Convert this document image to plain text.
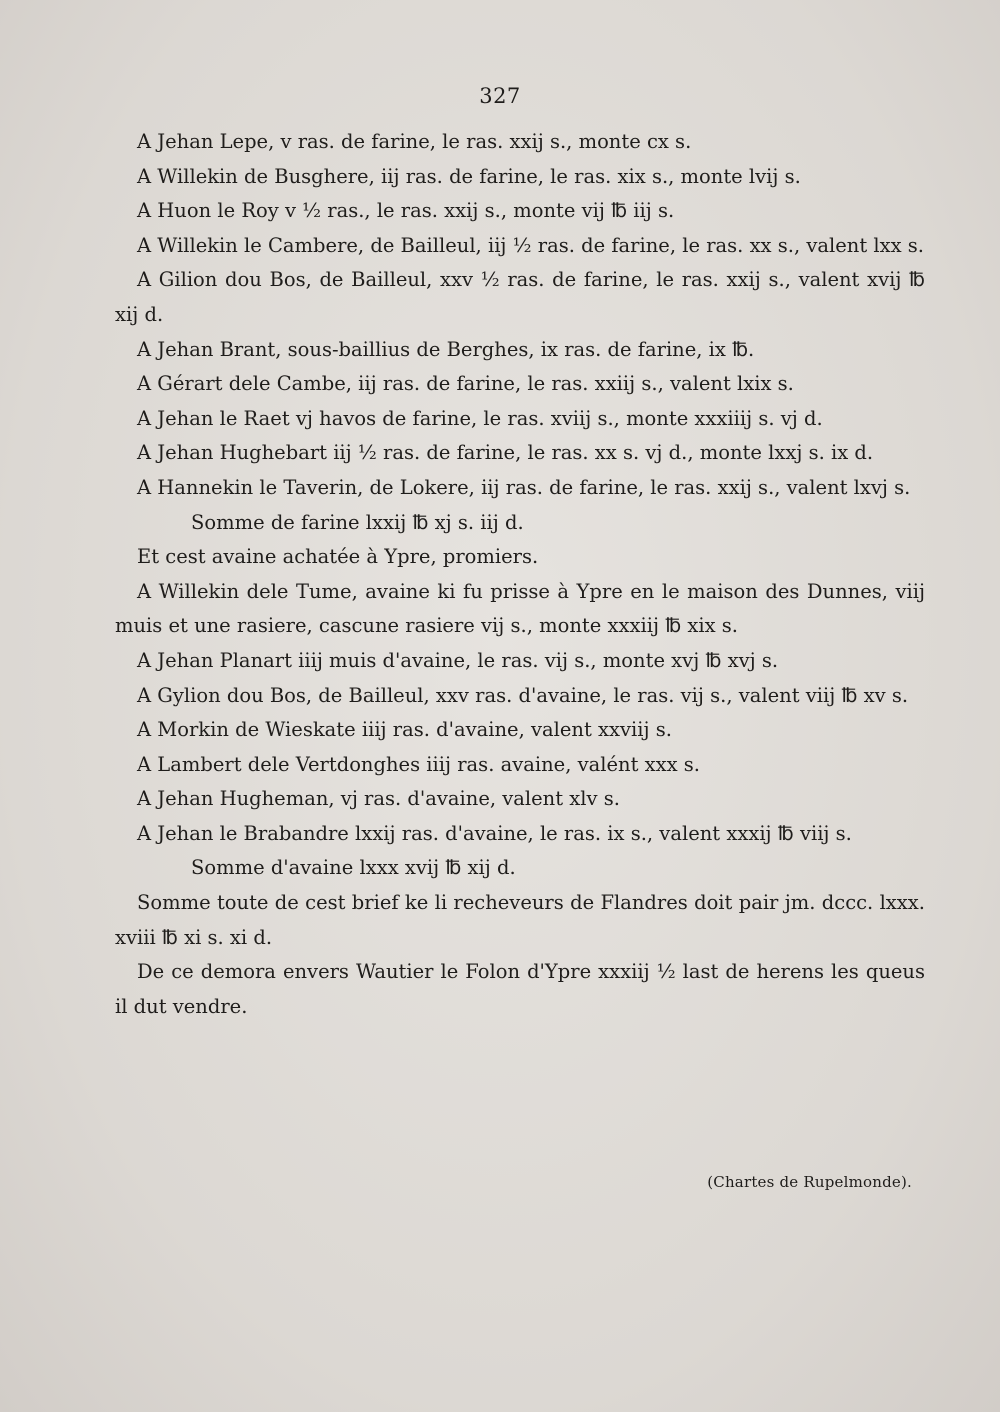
327

A Jehan Lepe, v ras. de farine, le ras. xxij s., monte cx s.

A Willekin de Busghere, iij ras. de farine, le ras. xix s., monte lvij s.

A Huon le Roy v ½ ras., le ras. xxij s., monte vij ℔ iij s.

A Willekin le Cambere, de Bailleul, iij ½ ras. de farine, le ras. xx s., valent lxx s.

A Gilion dou Bos, de Bailleul, xxv ½ ras. de farine, le ras. xxij s., valent xvij ℔ xij d.

A Jehan Brant, sous-baillius de Berghes, ix ras. de farine, ix ℔.

A Gérart dele Cambe, iij ras. de farine, le ras. xxiij s., valent lxix s.

A Jehan le Raet vj havos de farine, le ras. xviij s., monte xxxiiij s. vj d.

A Jehan Hughebart iij ½ ras. de farine, le ras. xx s. vj d., monte lxxj s. ix d.

A Hannekin le Taverin, de Lokere, iij ras. de farine, le ras. xxij s., valent lxvj s.

Somme de farine lxxij ℔ xj s. iij d.

Et cest avaine achatée à Ypre, promiers.

A Willekin dele Tume, avaine ki fu prisse à Ypre en le maison des Dunnes, viij muis et une rasiere, cascune rasiere vij s., monte xxxiij ℔ xix s.

A Jehan Planart iiij muis d'avaine, le ras. vij s., monte xvj ℔ xvj s.

A Gylion dou Bos, de Bailleul, xxv ras. d'avaine, le ras. vij s., valent viij ℔ xv s.

A Morkin de Wieskate iiij ras. d'avaine, valent xxviij s.

A Lambert dele Vertdonghes iiij ras. avaine, valént xxx s.

A Jehan Hugheman, vj ras. d'avaine, valent xlv s.

A Jehan le Brabandre lxxij ras. d'avaine, le ras. ix s., valent xxxij ℔ viij s.

Somme d'avaine lxxx xvij ℔ xij d.

Somme toute de cest brief ke li recheveurs de Flandres doit pair jm. dccc. lxxx. xviii ℔ xi s. xi d.

De ce demora envers Wautier le Folon d'Ypre xxxiij ½ last de herens les queus il dut vendre.

(Chartes de Rupelmonde).
